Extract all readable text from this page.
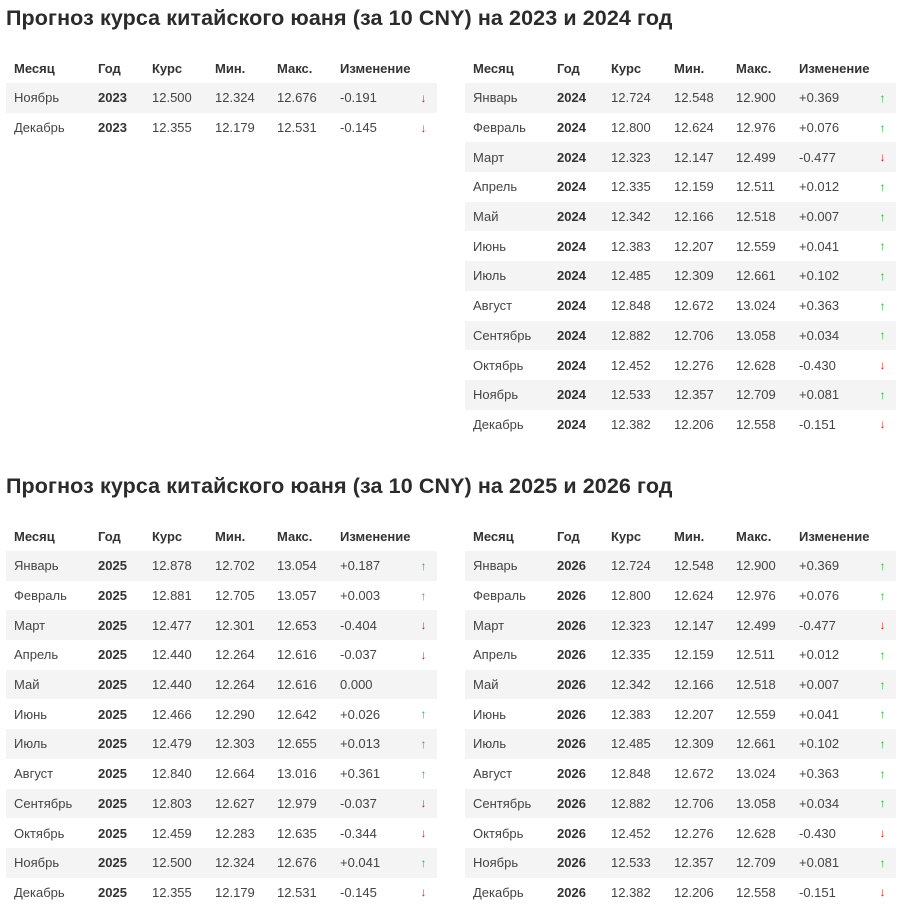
Прогноз курса китайского юаня (за 10 CNY) на 2023 и 2024 год
Месяц	Год	Курс	Мин.	Макс.	Изменение	
Ноябрь	2023	12.500	12.324	12.676	-0.191	↓
Декабрь	2023	12.355	12.179	12.531	-0.145	↓
Месяц	Год	Курс	Мин.	Макс.	Изменение	
Январь	2024	12.724	12.548	12.900	+0.369	↑
Февраль	2024	12.800	12.624	12.976	+0.076	↑
Март	2024	12.323	12.147	12.499	-0.477	↓
Апрель	2024	12.335	12.159	12.511	+0.012	↑
Май	2024	12.342	12.166	12.518	+0.007	↑
Июнь	2024	12.383	12.207	12.559	+0.041	↑
Июль	2024	12.485	12.309	12.661	+0.102	↑
Август	2024	12.848	12.672	13.024	+0.363	↑
Сентябрь	2024	12.882	12.706	13.058	+0.034	↑
Октябрь	2024	12.452	12.276	12.628	-0.430	↓
Ноябрь	2024	12.533	12.357	12.709	+0.081	↑
Декабрь	2024	12.382	12.206	12.558	-0.151	↓
Прогноз курса китайского юаня (за 10 CNY) на 2025 и 2026 год
Месяц	Год	Курс	Мин.	Макс.	Изменение	
Январь	2025	12.878	12.702	13.054	+0.187	↑
Февраль	2025	12.881	12.705	13.057	+0.003	↑
Март	2025	12.477	12.301	12.653	-0.404	↓
Апрель	2025	12.440	12.264	12.616	-0.037	↓
Май	2025	12.440	12.264	12.616	0.000	
Июнь	2025	12.466	12.290	12.642	+0.026	↑
Июль	2025	12.479	12.303	12.655	+0.013	↑
Август	2025	12.840	12.664	13.016	+0.361	↑
Сентябрь	2025	12.803	12.627	12.979	-0.037	↓
Октябрь	2025	12.459	12.283	12.635	-0.344	↓
Ноябрь	2025	12.500	12.324	12.676	+0.041	↑
Декабрь	2025	12.355	12.179	12.531	-0.145	↓
Месяц	Год	Курс	Мин.	Макс.	Изменение	
Январь	2026	12.724	12.548	12.900	+0.369	↑
Февраль	2026	12.800	12.624	12.976	+0.076	↑
Март	2026	12.323	12.147	12.499	-0.477	↓
Апрель	2026	12.335	12.159	12.511	+0.012	↑
Май	2026	12.342	12.166	12.518	+0.007	↑
Июнь	2026	12.383	12.207	12.559	+0.041	↑
Июль	2026	12.485	12.309	12.661	+0.102	↑
Август	2026	12.848	12.672	13.024	+0.363	↑
Сентябрь	2026	12.882	12.706	13.058	+0.034	↑
Октябрь	2026	12.452	12.276	12.628	-0.430	↓
Ноябрь	2026	12.533	12.357	12.709	+0.081	↑
Декабрь	2026	12.382	12.206	12.558	-0.151	↓
